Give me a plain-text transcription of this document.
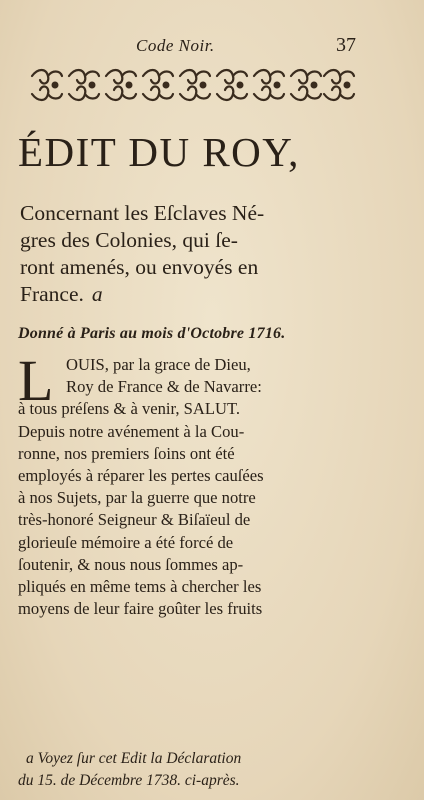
Code Noir.	37
ÉDIT DU ROY,
Concernant les Eſclaves Né-
gres des Colonies, qui ſe-
ront amenés, ou envoyés en
France. a
Donné à Paris au mois d'Octobre 1716.
L OUIS, par la grace de Dieu,
Roy de France & de Navarre:
à tous préſens & à venir, SALUT.
Depuis notre avénement à la Cou-
ronne, nos premiers ſoins ont été
employés à réparer les pertes cauſées
à nos Sujets, par la guerre que notre
très-honoré Seigneur & Biſaïeul de
glorieuſe mémoire a été forcé de
ſoutenir, & nous nous ſommes ap-
pliqués en même tems à chercher les
moyens de leur faire goûter les fruits
a Voyez ſur cet Edit la Déclaration
du 15. de Décembre 1738. ci-après.
